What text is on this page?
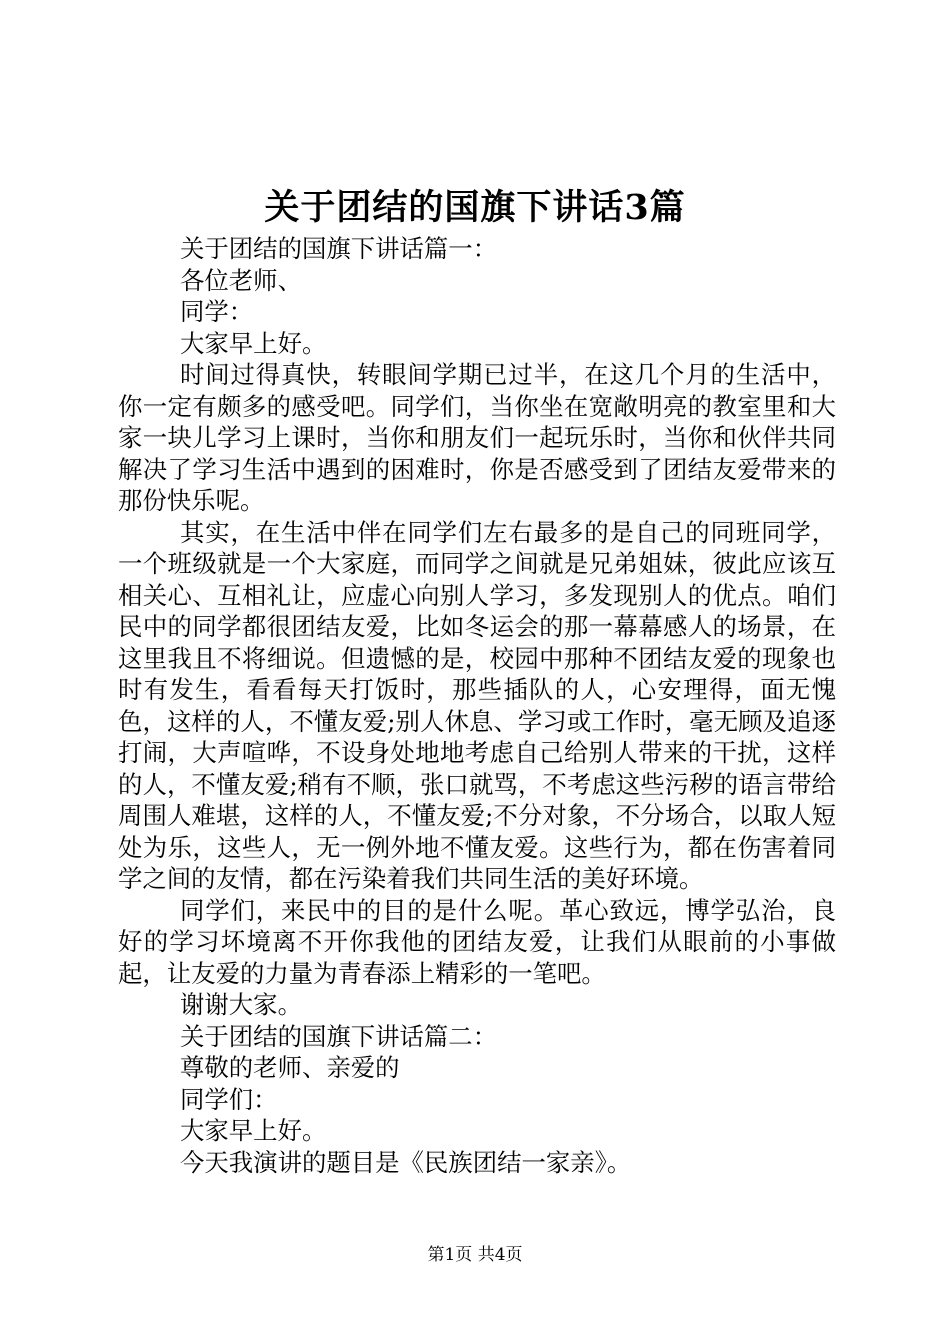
关于团结的国旗下讲话3篇

关于团结的国旗下讲话篇一：

各位老师、

同学：

大家早上好。

时间过得真快，转眼间学期已过半，在这几个月的生活中，你一定有颇多的感受吧。同学们，当你坐在宽敞明亮的教室里和大家一块儿学习上课时，当你和朋友们一起玩乐时，当你和伙伴共同解决了学习生活中遇到的困难时，你是否感受到了团结友爱带来的那份快乐呢。

其实，在生活中伴在同学们左右最多的是自己的同班同学，一个班级就是一个大家庭，而同学之间就是兄弟姐妹，彼此应该互相关心、互相礼让，应虚心向别人学习，多发现别人的优点。咱们民中的同学都很团结友爱，比如冬运会的那一幕幕感人的场景，在这里我且不将细说。但遗憾的是，校园中那种不团结友爱的现象也时有发生，看看每天打饭时，那些插队的人，心安理得，面无愧色，这样的人，不懂友爱;别人休息、学习或工作时，毫无顾及追逐打闹，大声喧哗，不设身处地地考虑自己给别人带来的干扰，这样的人，不懂友爱;稍有不顺，张口就骂，不考虑这些污秽的语言带给周围人难堪，这样的人，不懂友爱;不分对象，不分场合，以取人短处为乐，这些人，无一例外地不懂友爱。这些行为，都在伤害着同学之间的友情，都在污染着我们共同生活的美好环境。

同学们，来民中的目的是什么呢。革心致远，博学弘治，良好的学习坏境离不开你我他的团结友爱，让我们从眼前的小事做起，让友爱的力量为青春添上精彩的一笔吧。

谢谢大家。

关于团结的国旗下讲话篇二：

尊敬的老师、亲爱的

同学们：

大家早上好。

今天我演讲的题目是《民族团结一家亲》。

第1页 共4页
